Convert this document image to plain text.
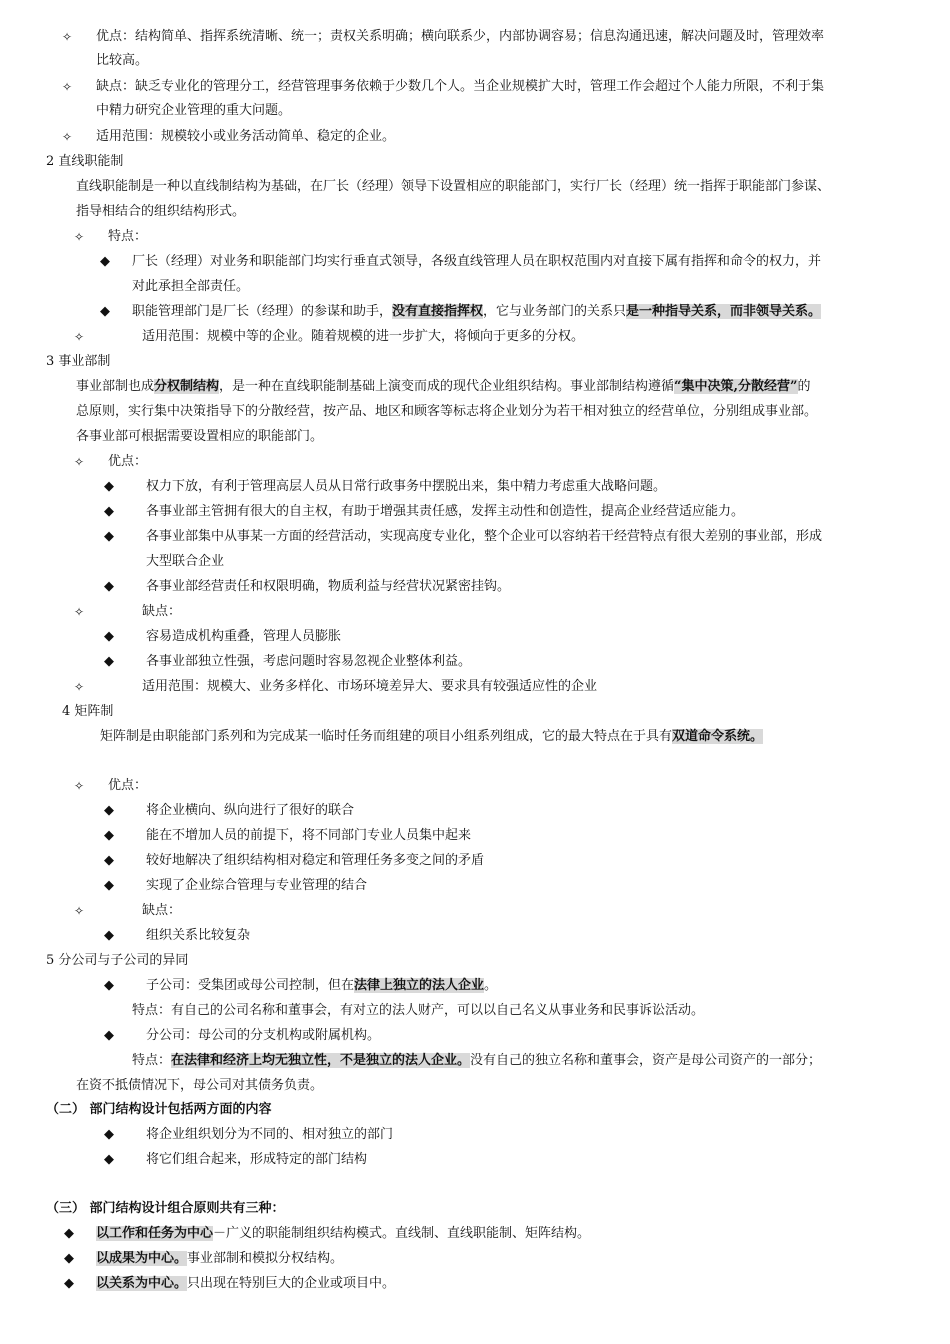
✧ 优点：结构简单、指挥系统清晰、统一；责权关系明确；横向联系少，内部协调容易；信息沟通迅速，解决问题及时，管理效率
比较高。
✧ 缺点：缺乏专业化的管理分工，经营管理事务依赖于少数几个人。当企业规模扩大时，管理工作会超过个人能力所限，不利于集
中精力研究企业管理的重大问题。
✧ 适用范围：规模较小或业务活动简单、稳定的企业。
2 直线职能制
直线职能制是一种以直线制结构为基础，在厂长（经理）领导下设置相应的职能部门，实行厂长（经理）统一指挥于职能部门参谋、
指导相结合的组织结构形式。
✧ 特点：
◆ 厂长（经理）对业务和职能部门均实行垂直式领导，各级直线管理人员在职权范围内对直接下属有指挥和命令的权力，并
对此承担全部责任。
◆ 职能管理部门是厂长（经理）的参谋和助手，没有直接指挥权，它与业务部门的关系只是一种指导关系，而非领导关系。
✧	适用范围：规模中等的企业。随着规模的进一步扩大，将倾向于更多的分权。
3 事业部制
事业部制也成分权制结构，是一种在直线职能制基础上演变而成的现代企业组织结构。事业部制结构遵循“集中决策,分散经营”的
总原则，实行集中决策指导下的分散经营，按产品、地区和顾客等标志将企业划分为若干相对独立的经营单位，分别组成事业部。
各事业部可根据需要设置相应的职能部门。
✧ 优点：
◆ 权力下放，有利于管理高层人员从日常行政事务中摆脱出来，集中精力考虑重大战略问题。
◆ 各事业部主管拥有很大的自主权，有助于增强其责任感，发挥主动性和创造性，提高企业经营适应能力。
◆ 各事业部集中从事某一方面的经营活动，实现高度专业化，整个企业可以容纳若干经营特点有很大差别的事业部，形成
大型联合企业
◆ 各事业部经营责任和权限明确，物质利益与经营状况紧密挂钩。
✧	缺点：
◆ 容易造成机构重叠，管理人员膨胀
◆ 各事业部独立性强，考虑问题时容易忽视企业整体利益。
✧	适用范围：规模大、业务多样化、市场环境差异大、要求具有较强适应性的企业
4 矩阵制
矩阵制是由职能部门系列和为完成某一临时任务而组建的项目小组系列组成，它的最大特点在于具有双道命令系统。
✧ 优点：
◆ 将企业横向、纵向进行了很好的联合
◆ 能在不增加人员的前提下，将不同部门专业人员集中起来
◆ 较好地解决了组织结构相对稳定和管理任务多变之间的矛盾
◆ 实现了企业综合管理与专业管理的结合
✧	缺点：
◆ 组织关系比较复杂
5 分公司与子公司的异同
◆ 子公司：受集团或母公司控制，但在法律上独立的法人企业。
特点：有自己的公司名称和董事会，有对立的法人财产，可以以自己名义从事业务和民事诉讼活动。
◆ 分公司：母公司的分支机构或附属机构。
特点：在法律和经济上均无独立性，不是独立的法人企业。没有自己的独立名称和董事会，资产是母公司资产的一部分；
在资不抵债情况下，母公司对其债务负责。
（二） 部门结构设计包括两方面的内容
◆ 将企业组织划分为不同的、相对独立的部门
◆ 将它们组合起来，形成特定的部门结构
（三） 部门结构设计组合原则共有三种：
◆ 以工作和任务为中心－广义的职能制组织结构模式。直线制、直线职能制、矩阵结构。
◆ 以成果为中心。事业部制和模拟分权结构。
◆ 以关系为中心。只出现在特别巨大的企业或项目中。
